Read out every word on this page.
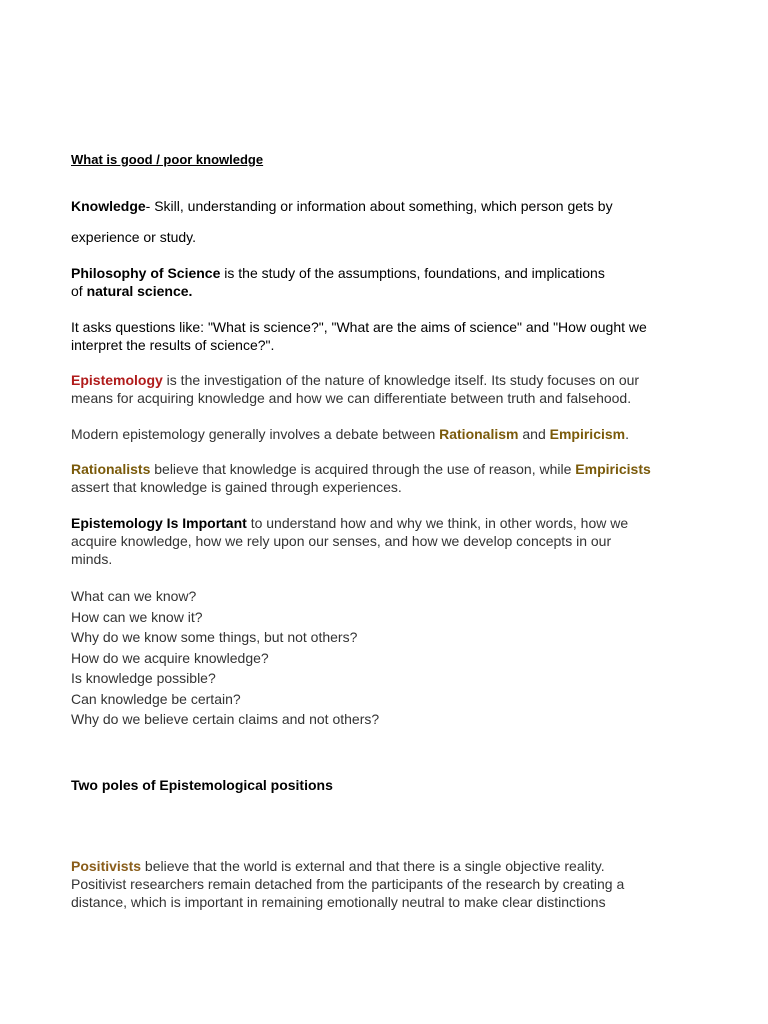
What is good / poor knowledge

Knowledge- Skill, understanding or information about something, which person gets by

experience or study.

Philosophy of Science is the study of the assumptions, foundations, and implications
of natural science.

It asks questions like: "What is science?", "What are the aims of science" and "How ought we
interpret the results of science?".

Epistemology is the investigation of the nature of knowledge itself. Its study focuses on our
means for acquiring knowledge and how we can differentiate between truth and falsehood.

Modern epistemology generally involves a debate between Rationalism and Empiricism.

Rationalists believe that knowledge is acquired through the use of reason, while Empiricists
assert that knowledge is gained through experiences.

Epistemology Is Important to understand how and why we think, in other words, how we
acquire knowledge, how we rely upon our senses, and how we develop concepts in our
minds.

What can we know?
How can we know it?
Why do we know some things, but not others?
How do we acquire knowledge?
Is knowledge possible?
Can knowledge be certain?
Why do we believe certain claims and not others?

Two poles of Epistemological positions

Positivists believe that the world is external and that there is a single objective reality.
Positivist researchers remain detached from the participants of the research by creating a
distance, which is important in remaining emotionally neutral to make clear distinctions
